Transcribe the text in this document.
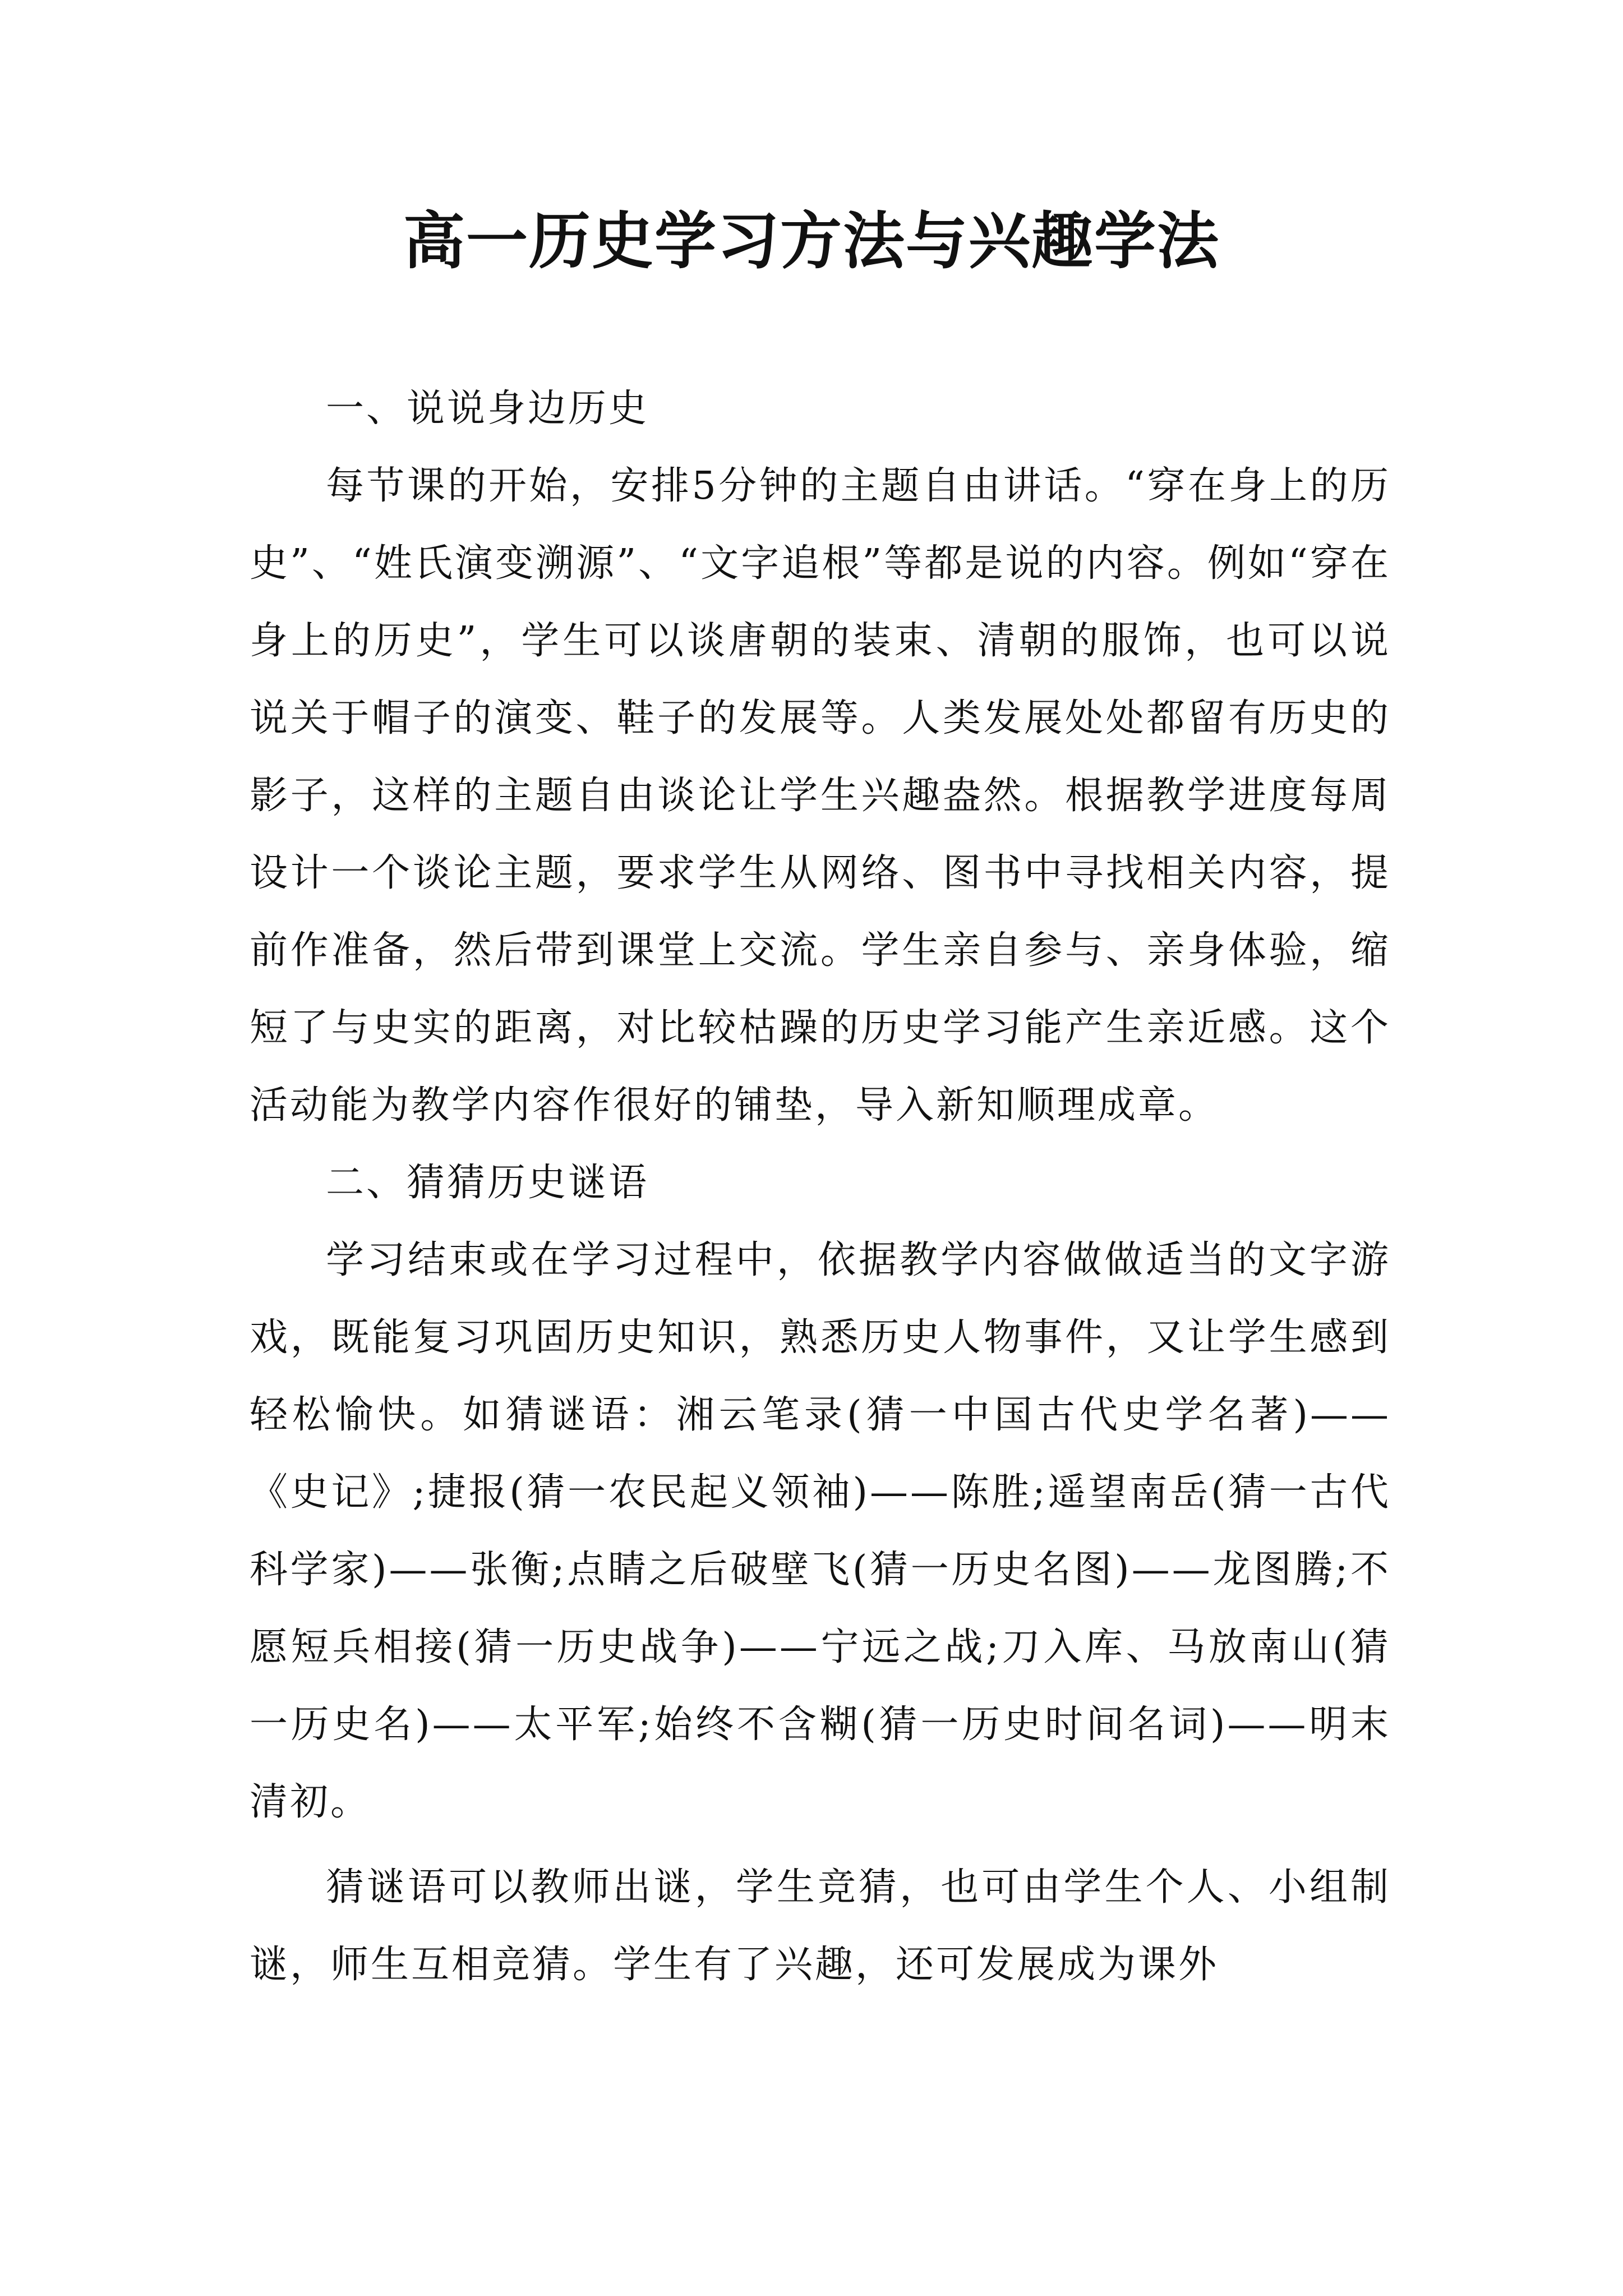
高一历史学习方法与兴趣学法

一、说说身边历史

每节课的开始，安排5分钟的主题自由讲话。“穿在身上的历史”、“姓氏演变溯源”、“文字追根”等都是说的内容。例如“穿在身上的历史”，学生可以谈唐朝的装束、清朝的服饰，也可以说说关于帽子的演变、鞋子的发展等。人类发展处处都留有历史的影子，这样的主题自由谈论让学生兴趣盎然。根据教学进度每周设计一个谈论主题，要求学生从网络、图书中寻找相关内容，提前作准备，然后带到课堂上交流。学生亲自参与、亲身体验，缩短了与史实的距离，对比较枯躁的历史学习能产生亲近感。这个活动能为教学内容作很好的铺垫，导入新知顺理成章。

二、猜猜历史谜语

学习结束或在学习过程中，依据教学内容做做适当的文字游戏，既能复习巩固历史知识，熟悉历史人物事件，又让学生感到轻松愉快。如猜谜语：湘云笔录(猜一中国古代史学名著)——《史记》;捷报(猜一农民起义领袖)——陈胜;遥望南岳(猜一古代科学家)——张衡;点睛之后破壁飞(猜一历史名图)——龙图腾;不愿短兵相接(猜一历史战争)——宁远之战;刀入库、马放南山(猜一历史名)——太平军;始终不含糊(猜一历史时间名词)——明末清初。

猜谜语可以教师出谜，学生竞猜，也可由学生个人、小组制谜，师生互相竞猜。学生有了兴趣，还可发展成为课外
